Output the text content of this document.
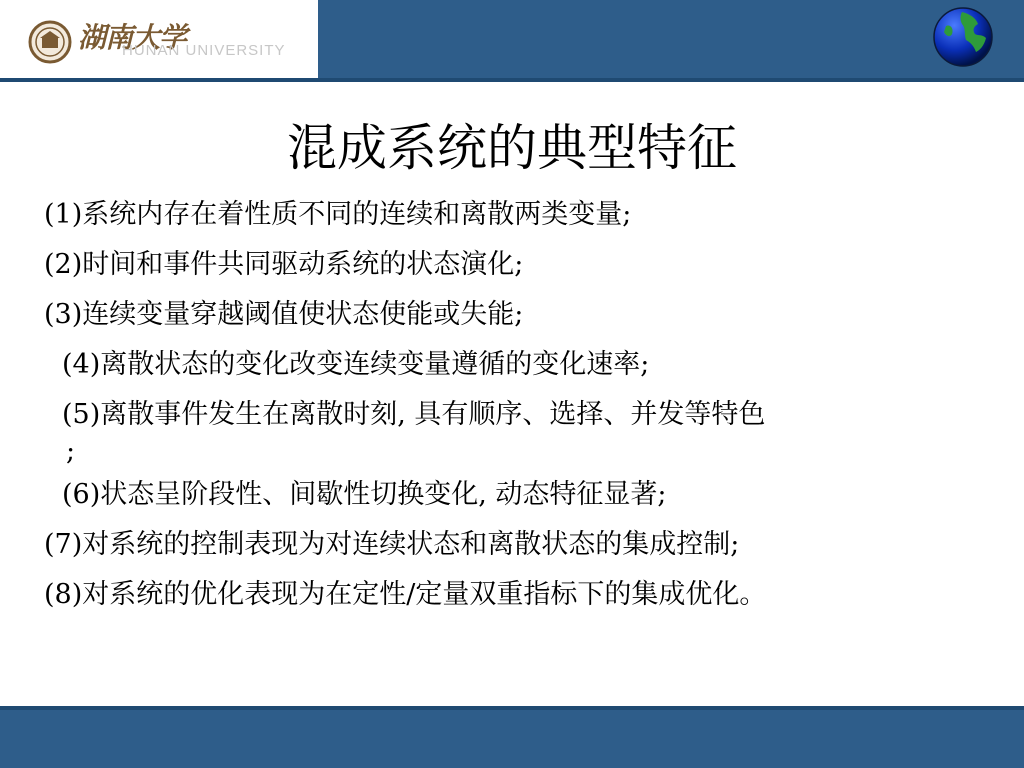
湖南大学
HUNAN UNIVERSITY
混成系统的典型特征
(1)系统内存在着性质不同的连续和离散两类变量;
(2)时间和事件共同驱动系统的状态演化;
(3)连续变量穿越阈值使状态使能或失能;
(4)离散状态的变化改变连续变量遵循的变化速率;
(5)离散事件发生在离散时刻, 具有顺序、选择、并发等特色
;
(6)状态呈阶段性、间歇性切换变化, 动态特征显著;
(7)对系统的控制表现为对连续状态和离散状态的集成控制;
(8)对系统的优化表现为在定性/定量双重指标下的集成优化。
